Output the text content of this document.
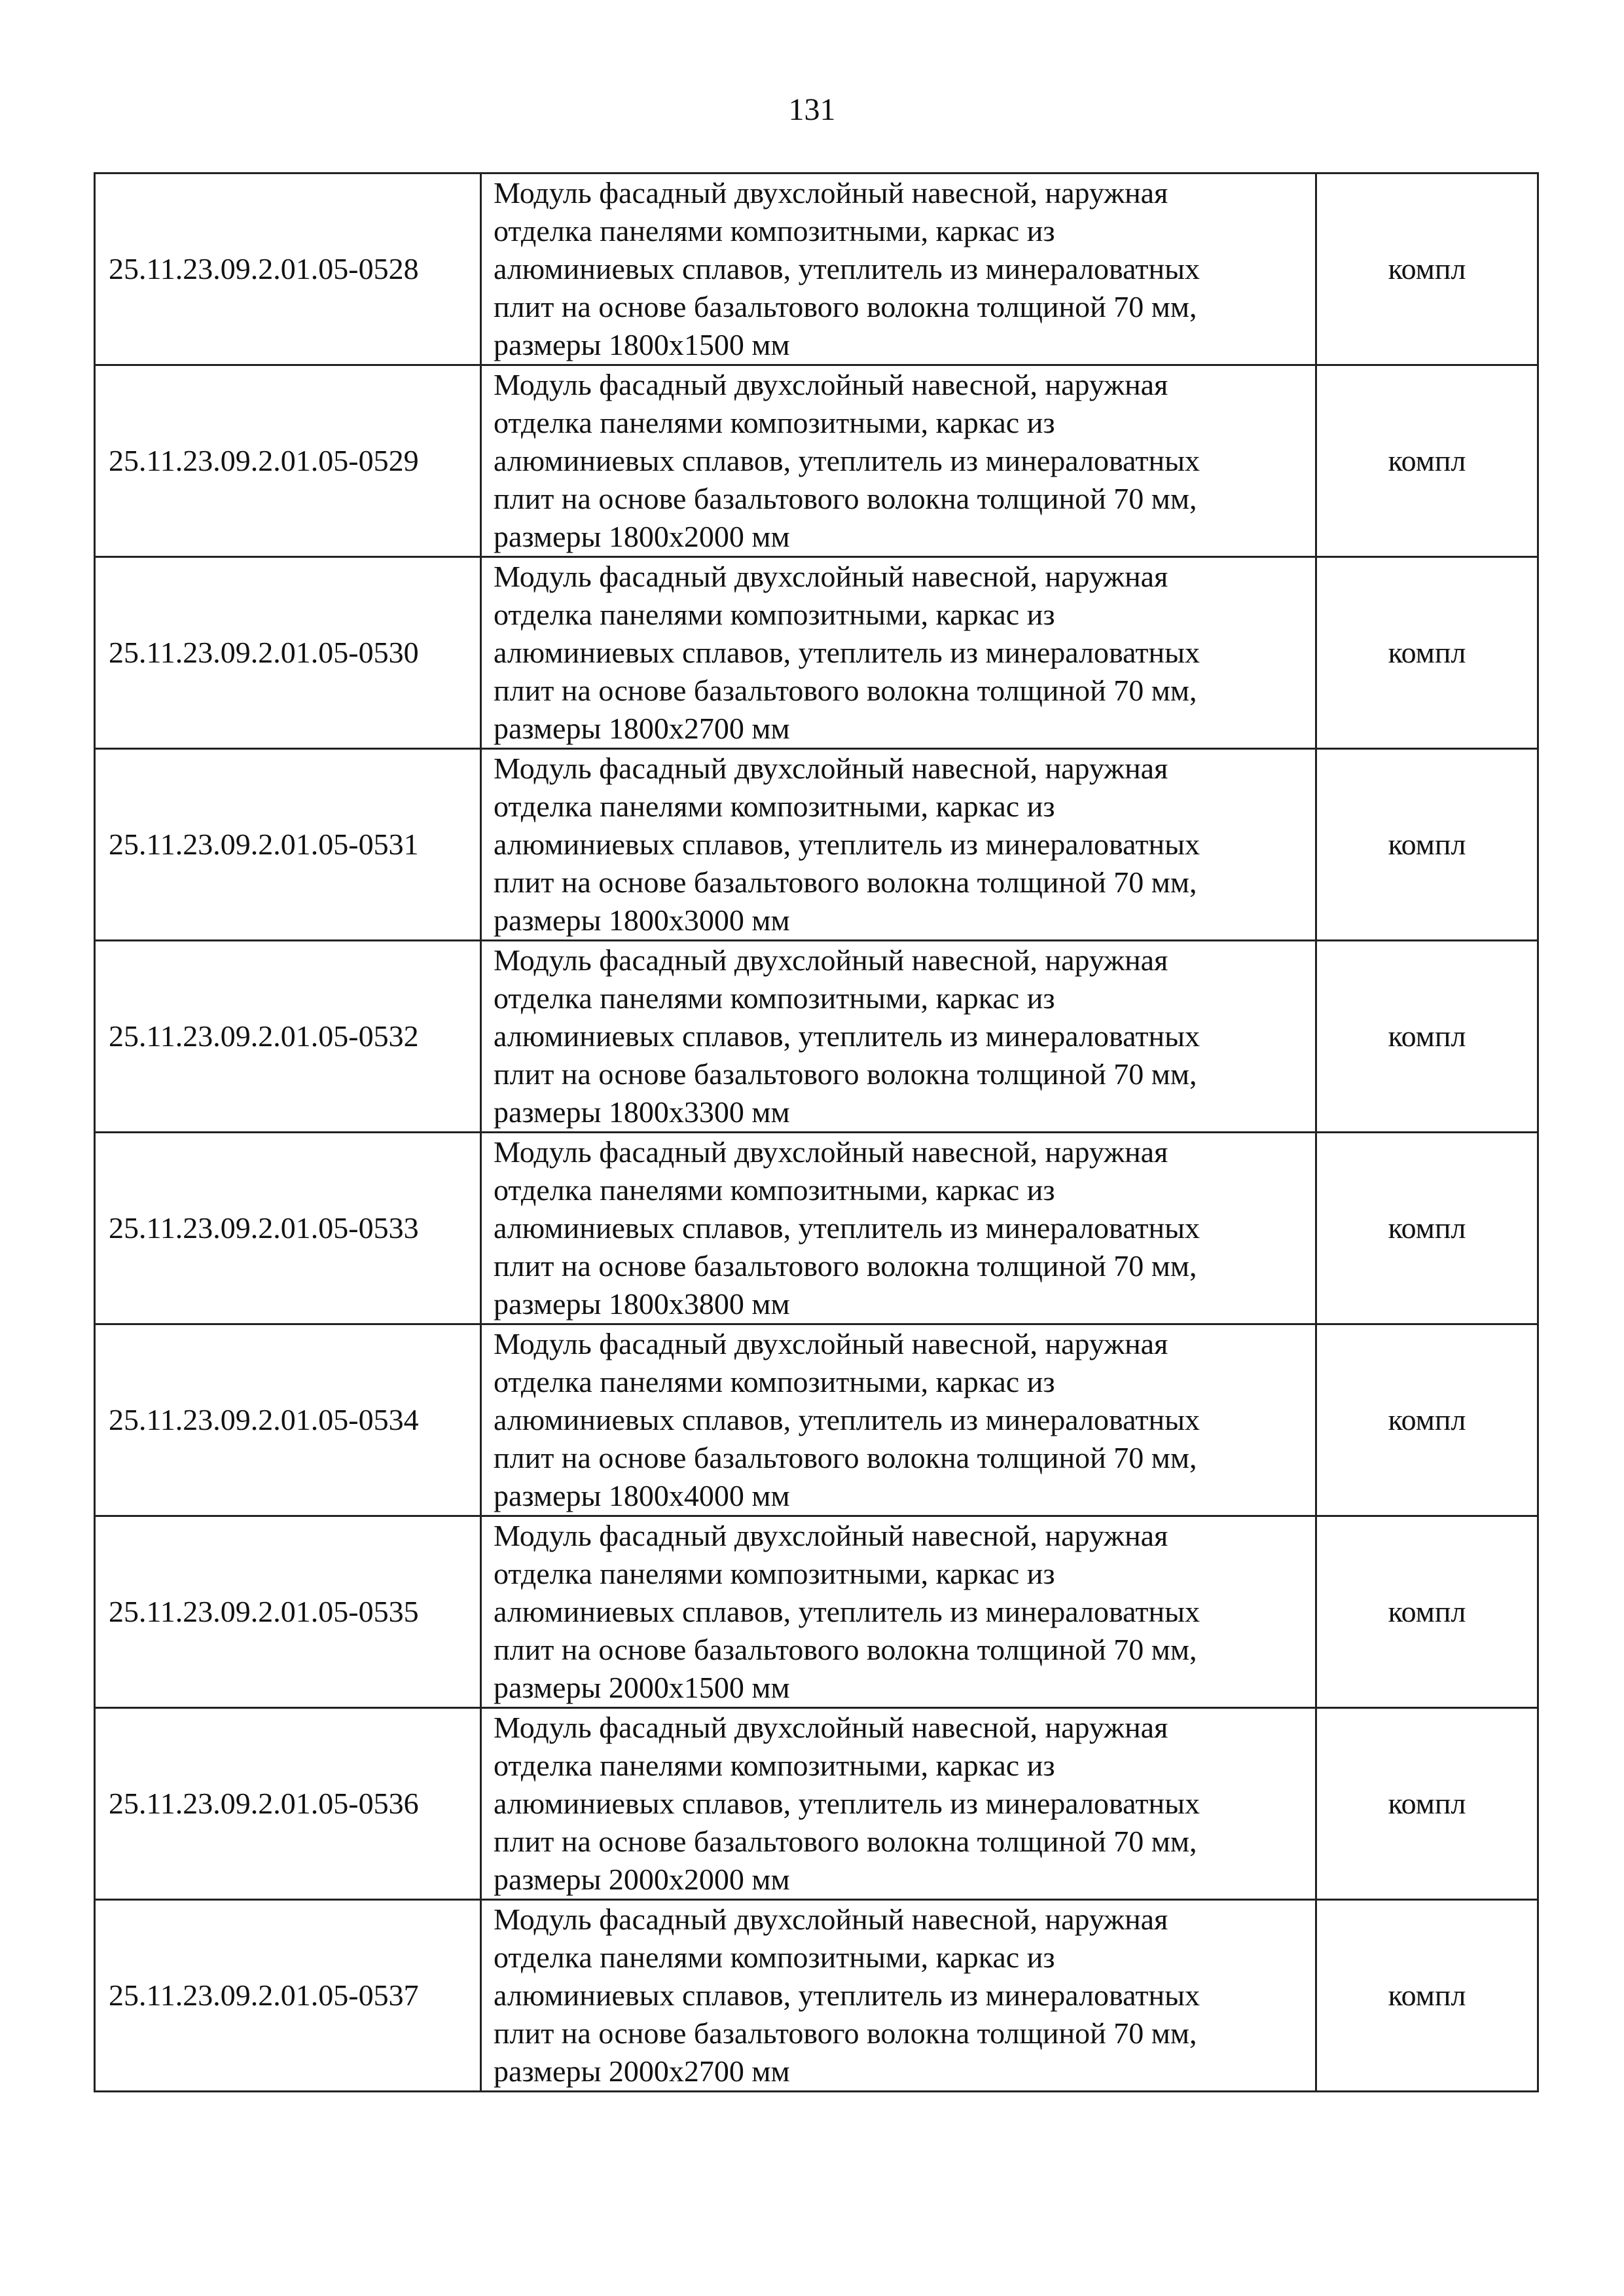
131
25.11.23.09.2.01.05-0528	Модуль фасадный двухслойный навесной, наружная
отделка панелями композитными, каркас из
алюминиевых сплавов, утеплитель из минераловатных
плит на основе базальтового волокна толщиной 70 мм,
размеры 1800х1500 мм	компл
25.11.23.09.2.01.05-0529	Модуль фасадный двухслойный навесной, наружная
отделка панелями композитными, каркас из
алюминиевых сплавов, утеплитель из минераловатных
плит на основе базальтового волокна толщиной 70 мм,
размеры 1800х2000 мм	компл
25.11.23.09.2.01.05-0530	Модуль фасадный двухслойный навесной, наружная
отделка панелями композитными, каркас из
алюминиевых сплавов, утеплитель из минераловатных
плит на основе базальтового волокна толщиной 70 мм,
размеры 1800х2700 мм	компл
25.11.23.09.2.01.05-0531	Модуль фасадный двухслойный навесной, наружная
отделка панелями композитными, каркас из
алюминиевых сплавов, утеплитель из минераловатных
плит на основе базальтового волокна толщиной 70 мм,
размеры 1800х3000 мм	компл
25.11.23.09.2.01.05-0532	Модуль фасадный двухслойный навесной, наружная
отделка панелями композитными, каркас из
алюминиевых сплавов, утеплитель из минераловатных
плит на основе базальтового волокна толщиной 70 мм,
размеры 1800х3300 мм	компл
25.11.23.09.2.01.05-0533	Модуль фасадный двухслойный навесной, наружная
отделка панелями композитными, каркас из
алюминиевых сплавов, утеплитель из минераловатных
плит на основе базальтового волокна толщиной 70 мм,
размеры 1800х3800 мм	компл
25.11.23.09.2.01.05-0534	Модуль фасадный двухслойный навесной, наружная
отделка панелями композитными, каркас из
алюминиевых сплавов, утеплитель из минераловатных
плит на основе базальтового волокна толщиной 70 мм,
размеры 1800х4000 мм	компл
25.11.23.09.2.01.05-0535	Модуль фасадный двухслойный навесной, наружная
отделка панелями композитными, каркас из
алюминиевых сплавов, утеплитель из минераловатных
плит на основе базальтового волокна толщиной 70 мм,
размеры 2000х1500 мм	компл
25.11.23.09.2.01.05-0536	Модуль фасадный двухслойный навесной, наружная
отделка панелями композитными, каркас из
алюминиевых сплавов, утеплитель из минераловатных
плит на основе базальтового волокна толщиной 70 мм,
размеры 2000х2000 мм	компл
25.11.23.09.2.01.05-0537	Модуль фасадный двухслойный навесной, наружная
отделка панелями композитными, каркас из
алюминиевых сплавов, утеплитель из минераловатных
плит на основе базальтового волокна толщиной 70 мм,
размеры 2000х2700 мм	компл
